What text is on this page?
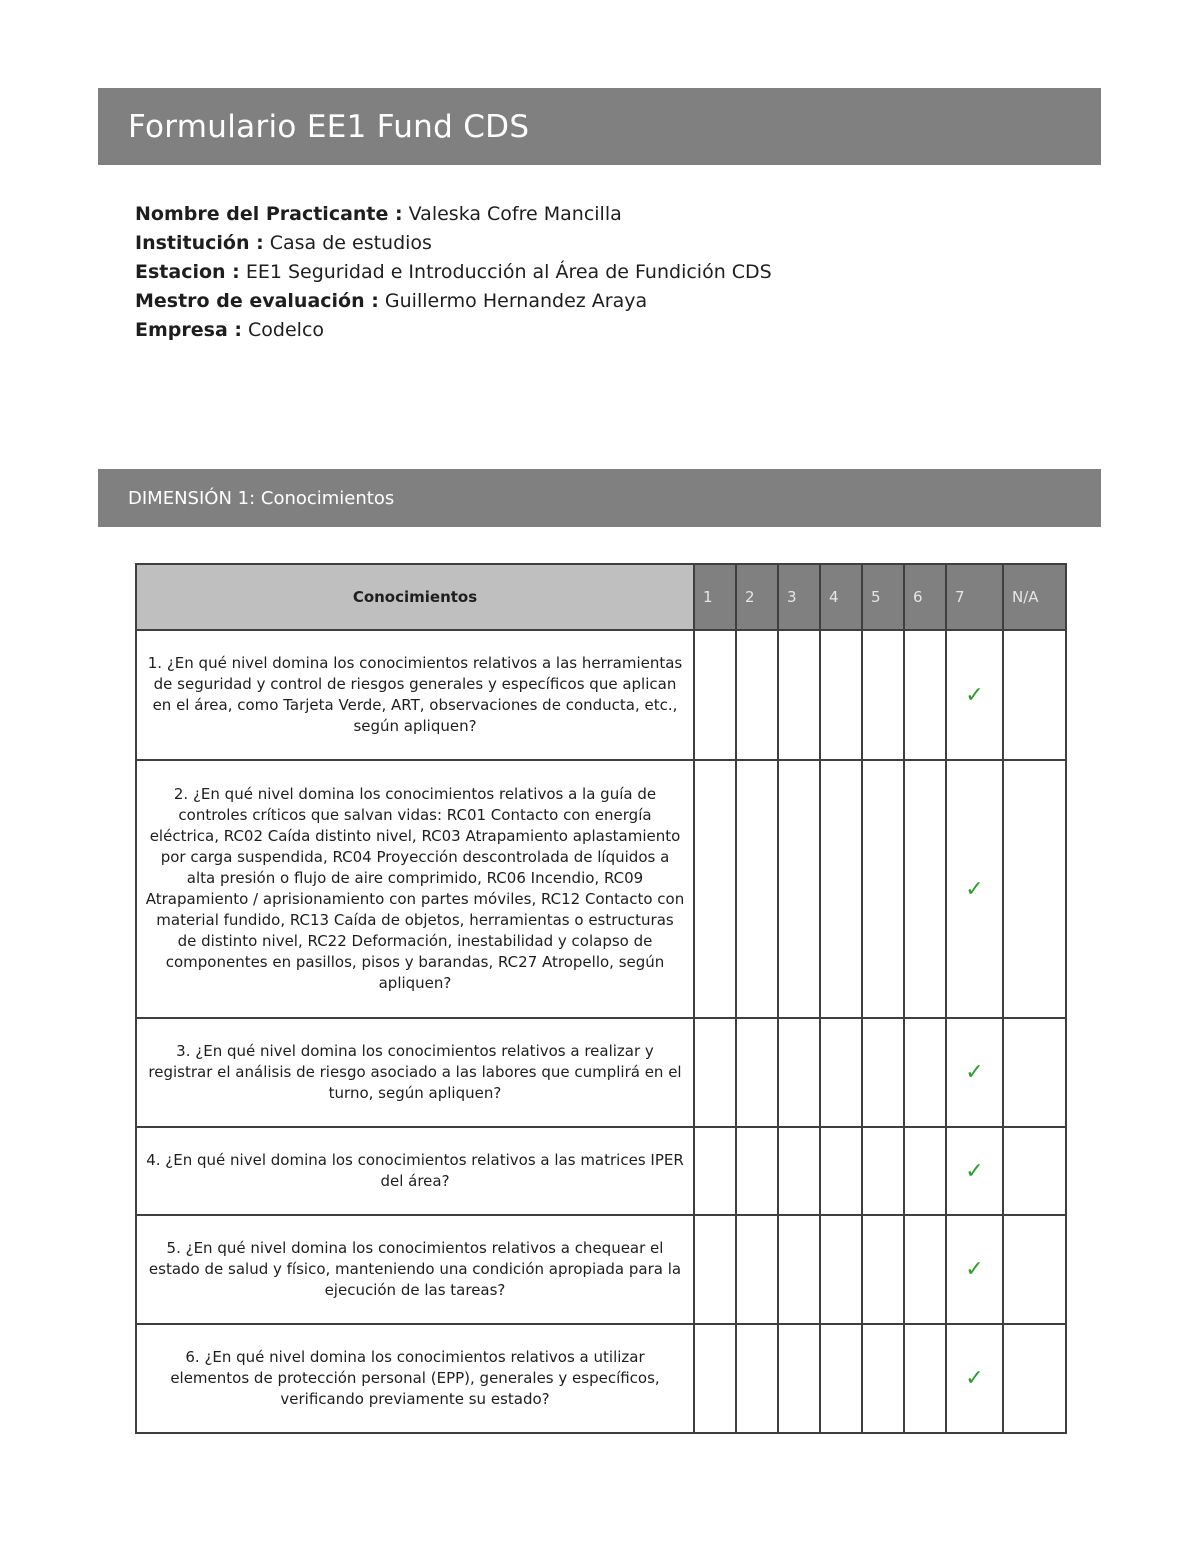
Formulario EE1 Fund CDS
Nombre del Practicante : Valeska Cofre Mancilla
Institución : Casa de estudios
Estacion : EE1 Seguridad e Introducción al Área de Fundición CDS
Mestro de evaluación : Guillermo Hernandez Araya
Empresa : Codelco
DIMENSIÓN 1 : Conocimientos
Conocimientos	1	2	3	4	5	6	7	N/A
1. ¿En qué nivel domina los conocimientos relativos a las herramientas de seguridad y control de riesgos generales y específicos que aplican en el área, como Tarjeta Verde, ART, observaciones de conducta, etc., según apliquen?							✓	
2. ¿En qué nivel domina los conocimientos relativos a la guía de controles críticos que salvan vidas: RC01 Contacto con energía eléctrica, RC02 Caída distinto nivel, RC03 Atrapamiento aplastamiento por carga suspendida, RC04 Proyección descontrolada de líquidos a alta presión o flujo de aire comprimido, RC06 Incendio, RC09 Atrapamiento / aprisionamiento con partes móviles, RC12 Contacto con material fundido, RC13 Caída de objetos, herramientas o estructuras de distinto nivel, RC22 Deformación, inestabilidad y colapso de componentes en pasillos, pisos y barandas, RC27 Atropello, según apliquen?							✓	
3. ¿En qué nivel domina los conocimientos relativos a realizar y registrar el análisis de riesgo asociado a las labores que cumplirá en el turno, según apliquen?							✓	
4. ¿En qué nivel domina los conocimientos relativos a las matrices IPER del área?							✓	
5. ¿En qué nivel domina los conocimientos relativos a chequear el estado de salud y físico, manteniendo una condición apropiada para la ejecución de las tareas?							✓	
6. ¿En qué nivel domina los conocimientos relativos a utilizar elementos de protección personal (EPP), generales y específicos, verificando previamente su estado?							✓	
